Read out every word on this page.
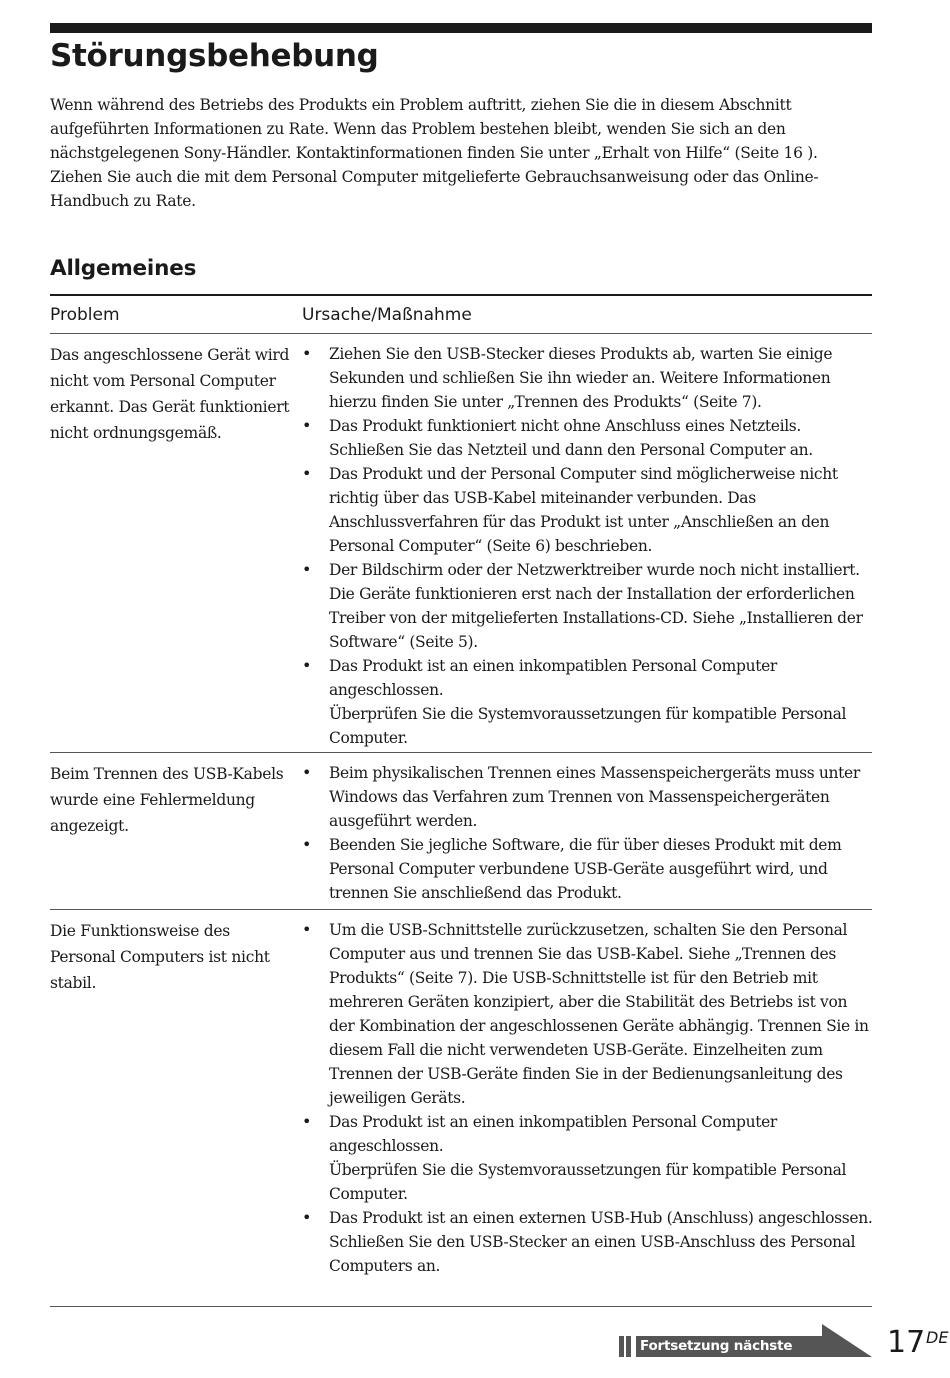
Störungsbehebung

Wenn während des Betriebs des Produkts ein Problem auftritt, ziehen Sie die in diesem Abschnitt aufgeführten Informationen zu Rate. Wenn das Problem bestehen bleibt, wenden Sie sich an den nächstgelegenen Sony-Händler. Kontaktinformationen finden Sie unter „Erhalt von Hilfe“ (Seite 16 ). Ziehen Sie auch die mit dem Personal Computer mitgelieferte Gebrauchsanweisung oder das Online-Handbuch zu Rate.

Allgemeines
Problem	Ursache/Maßnahme

Das angeschlossene Gerät wird nicht vom Personal Computer erkannt. Das Gerät funktioniert nicht ordnungsgemäß.

• Ziehen Sie den USB-Stecker dieses Produkts ab, warten Sie einige Sekunden und schließen Sie ihn wieder an. Weitere Informationen hierzu finden Sie unter „Trennen des Produkts“ (Seite 7).
• Das Produkt funktioniert nicht ohne Anschluss eines Netzteils. Schließen Sie das Netzteil und dann den Personal Computer an.
• Das Produkt und der Personal Computer sind möglicherweise nicht richtig über das USB-Kabel miteinander verbunden. Das Anschlussverfahren für das Produkt ist unter „Anschließen an den Personal Computer“ (Seite 6) beschrieben.
• Der Bildschirm oder der Netzwerktreiber wurde noch nicht installiert. Die Geräte funktionieren erst nach der Installation der erforderlichen Treiber von der mitgelieferten Installations-CD. Siehe „Installieren der Software“ (Seite 5).
• Das Produkt ist an einen inkompatiblen Personal Computer angeschlossen.
Überprüfen Sie die Systemvoraussetzungen für kompatible Personal Computer.

Beim Trennen des USB-Kabels wurde eine Fehlermeldung angezeigt.

• Beim physikalischen Trennen eines Massenspeichergeräts muss unter Windows das Verfahren zum Trennen von Massenspeichergeräten ausgeführt werden.
• Beenden Sie jegliche Software, die für über dieses Produkt mit dem Personal Computer verbundene USB-Geräte ausgeführt wird, und trennen Sie anschließend das Produkt.

Die Funktionsweise des Personal Computers ist nicht stabil.

• Um die USB-Schnittstelle zurückzusetzen, schalten Sie den Personal Computer aus und trennen Sie das USB-Kabel. Siehe „Trennen des Produkts“ (Seite 7). Die USB-Schnittstelle ist für den Betrieb mit mehreren Geräten konzipiert, aber die Stabilität des Betriebs ist von der Kombination der angeschlossenen Geräte abhängig. Trennen Sie in diesem Fall die nicht verwendeten USB-Geräte. Einzelheiten zum Trennen der USB-Geräte finden Sie in der Bedienungsanleitung des jeweiligen Geräts.
• Das Produkt ist an einen inkompatiblen Personal Computer angeschlossen.
Überprüfen Sie die Systemvoraussetzungen für kompatible Personal Computer.
• Das Produkt ist an einen externen USB-Hub (Anschluss) angeschlossen.
Schließen Sie den USB-Stecker an einen USB-Anschluss des Personal Computers an.
Fortsetzung nächste Seite...
17 DE
